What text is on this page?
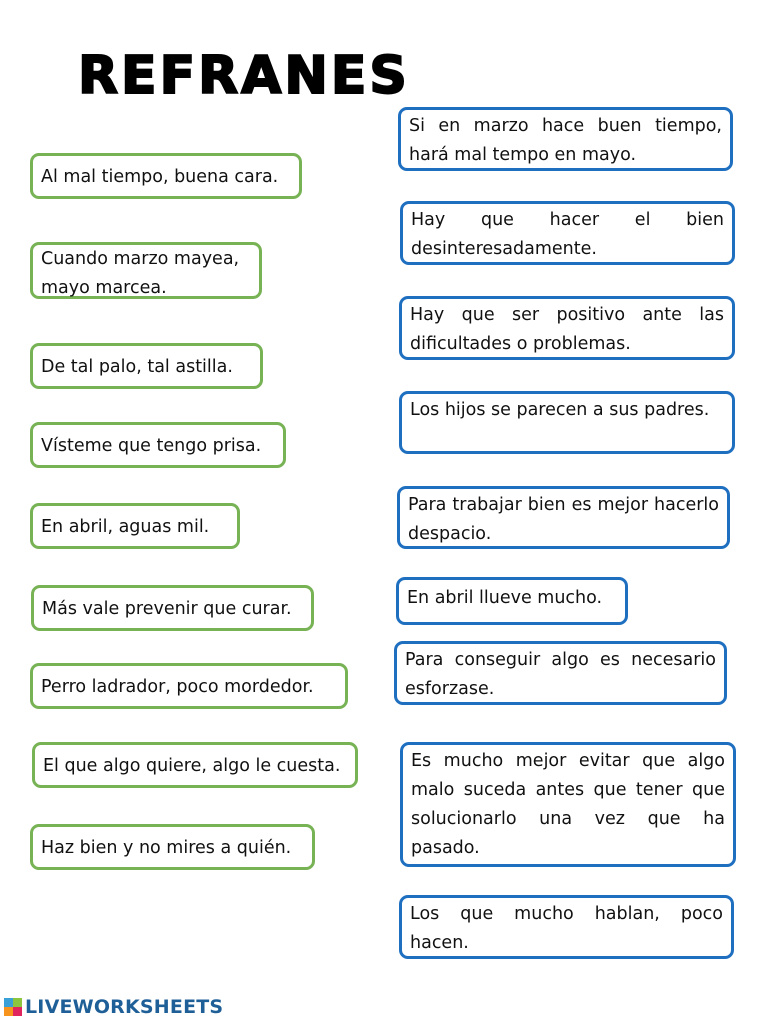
REFRANES
Al mal tiempo, buena cara.
Cuando marzo mayea, mayo marcea.
De tal palo, tal astilla.
Vísteme que tengo prisa.
En abril, aguas mil.
Más vale prevenir que curar.
Perro ladrador, poco mordedor.
El que algo quiere, algo le cuesta.
Haz bien y no mires a quién.
Si en marzo hace buen tiempo, hará mal tempo en mayo.
Hay que hacer el bien desinteresadamente.
Hay que ser positivo ante las dificultades o problemas.
Los hijos se parecen a sus padres.
Para trabajar bien es mejor hacerlo despacio.
En abril llueve mucho.
Para conseguir algo es necesario esforzase.
Es mucho mejor evitar que algo malo suceda antes que tener que solucionarlo una vez que ha pasado.
Los que mucho hablan, poco hacen.
LIVEWORKSHEETS
